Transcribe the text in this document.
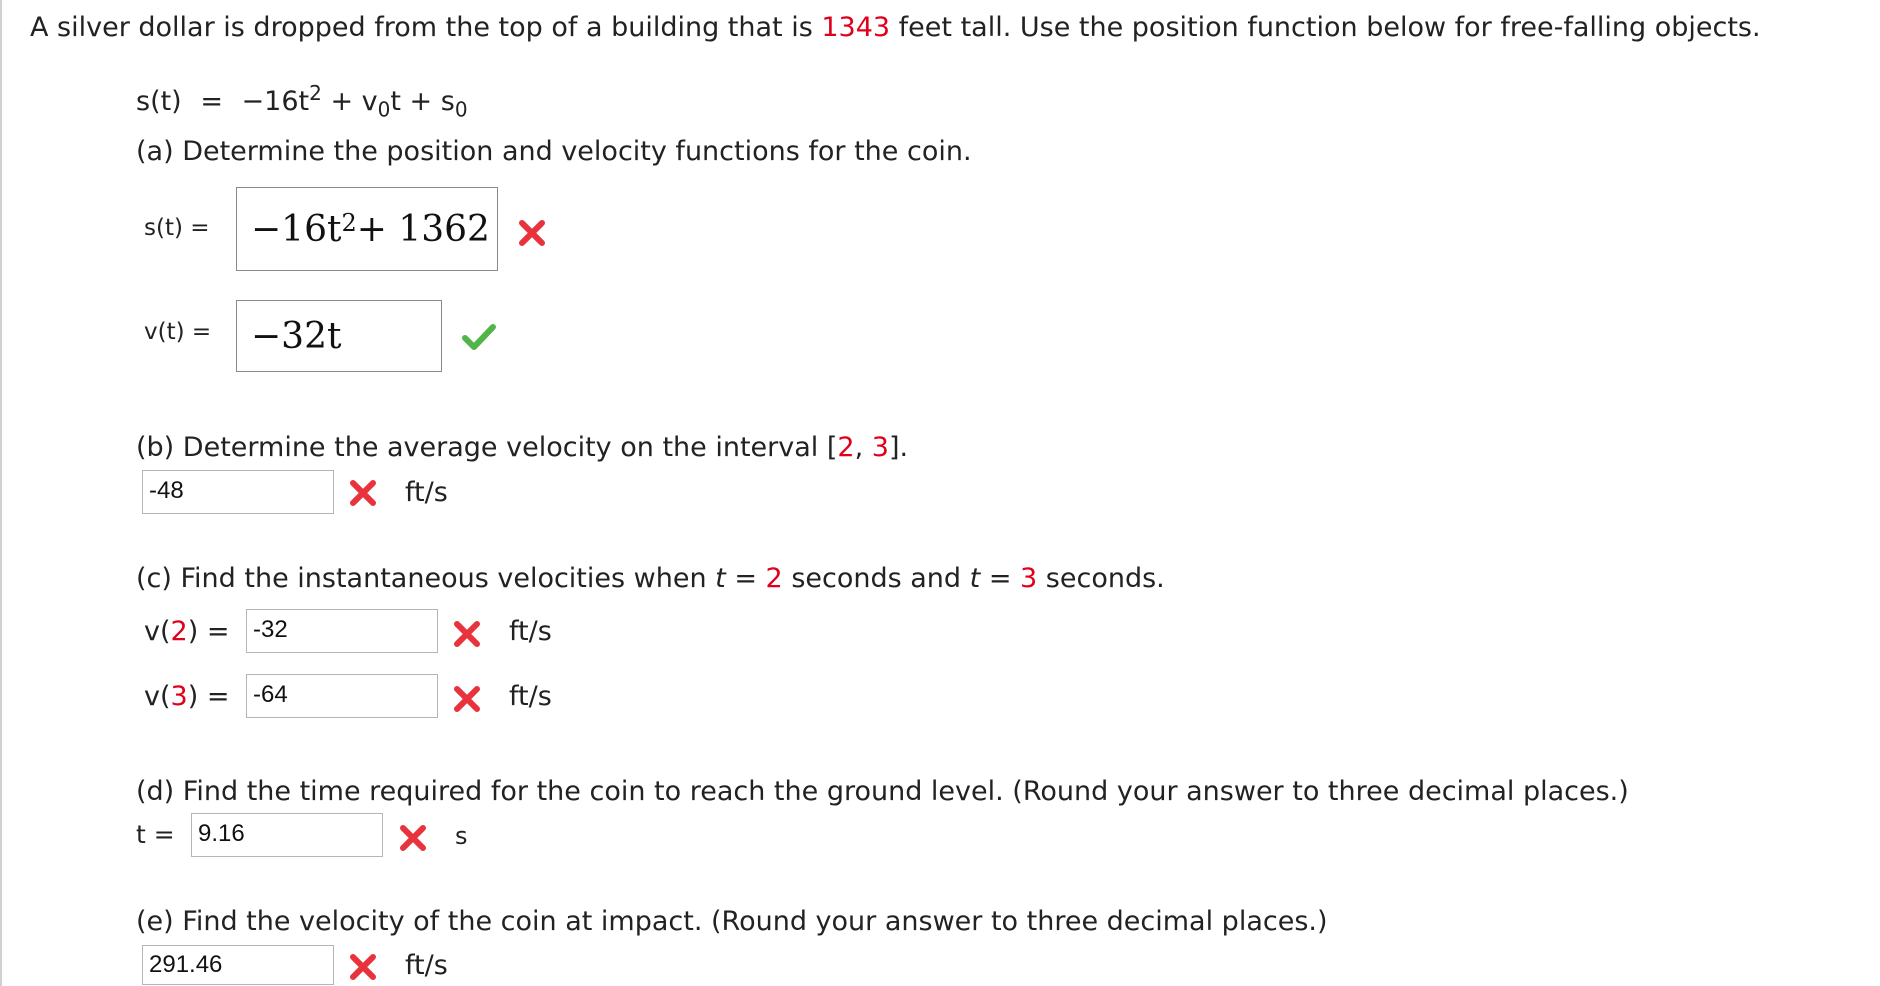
A silver dollar is dropped from the top of a building that is 1343 feet tall. Use the position function below for free-falling objects.
$s(t) = -16t^2 + v_0t + s_0$
(a) Determine the position and velocity functions for the coin.
$s(t) = -16t^2 + 1362$
v(t) = −32t
(b) Determine the average velocity on the interval [2, 3].
-48	ft/s
(c) Find the instantaneous velocities when t = 2 seconds and t = 3 seconds.
v(2) = -32	ft/s
v(3) = -64	ft/s
(d) Find the time required for the coin to reach the ground level. (Round your answer to three decimal places.)
t = 9.16	s
(e) Find the velocity of the coin at impact. (Round your answer to three decimal places.)
291.46	ft/s
